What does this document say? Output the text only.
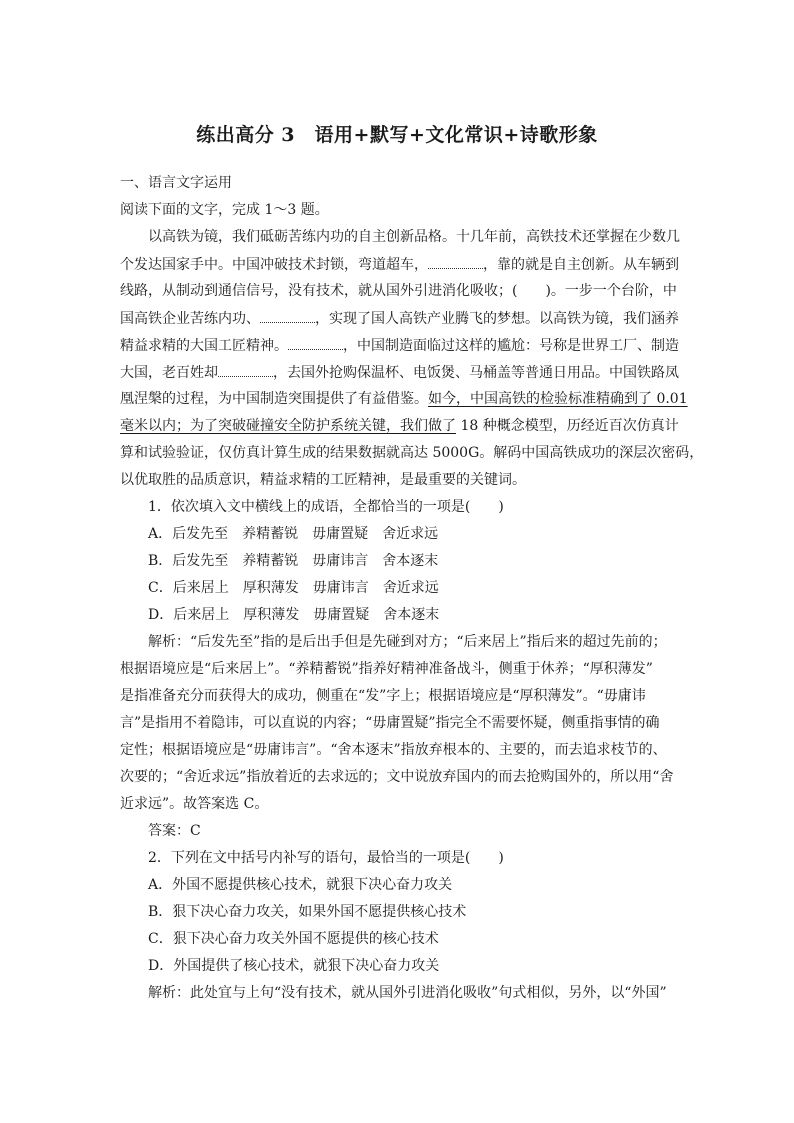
练出高分 3　语用+默写+文化常识+诗歌形象
一、语言文字运用
阅读下面的文字，完成 1～3 题。
以高铁为镜，我们砥砺苦练内功的自主创新品格。十几年前，高铁技术还掌握在少数几
个发达国家手中。中国冲破技术封锁，弯道超车，	，靠的就是自主创新。从车辆到
线路，从制动到通信信号，没有技术，就从国外引进消化吸收；(　　)。一步一个台阶，中
国高铁企业苦练内功、	，实现了国人高铁产业腾飞的梦想。以高铁为镜，我们涵养
精益求精的大国工匠精神。	，中国制造面临过这样的尴尬：号称是世界工厂、制造
大国，老百姓却	，去国外抢购保温杯、电饭煲、马桶盖等普通日用品。中国铁路凤
凰涅槃的过程，为中国制造突围提供了有益借鉴。如今，中国高铁的检验标准精确到了 0.01
毫米以内；为了突破碰撞安全防护系统关键，我们做了 18 种概念模型，历经近百次仿真计
算和试验验证，仅仿真计算生成的结果数据就高达 5000G。解码中国高铁成功的深层次密码，
以优取胜的品质意识，精益求精的工匠精神，是最重要的关键词。
1．依次填入文中横线上的成语，全都恰当的一项是(　　)
A．后发先至　养精蓄锐　毋庸置疑　舍近求远
B．后发先至　养精蓄锐　毋庸讳言　舍本逐末
C．后来居上　厚积薄发　毋庸讳言　舍近求远
D．后来居上　厚积薄发　毋庸置疑　舍本逐末
解析：“后发先至”指的是后出手但是先碰到对方；“后来居上”指后来的超过先前的；
根据语境应是“后来居上”。“养精蓄锐”指养好精神准备战斗，侧重于休养；“厚积薄发”
是指准备充分而获得大的成功，侧重在“发”字上；根据语境应是“厚积薄发”。“毋庸讳
言”是指用不着隐讳，可以直说的内容；“毋庸置疑”指完全不需要怀疑，侧重指事情的确
定性；根据语境应是“毋庸讳言”。“舍本逐末”指放弃根本的、主要的，而去追求枝节的、
次要的；“舍近求远”指放着近的去求远的；文中说放弃国内的而去抢购国外的，所以用“舍
近求远”。故答案选 C。
答案：C
2．下列在文中括号内补写的语句，最恰当的一项是(　　)
A．外国不愿提供核心技术，就狠下决心奋力攻关
B．狠下决心奋力攻关，如果外国不愿提供核心技术
C．狠下决心奋力攻关外国不愿提供的核心技术
D．外国提供了核心技术，就狠下决心奋力攻关
解析：此处宜与上句“没有技术，就从国外引进消化吸收”句式相似，另外，以“外国”
